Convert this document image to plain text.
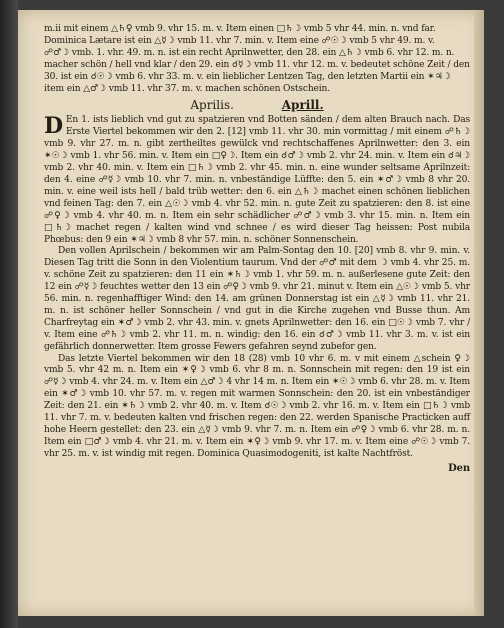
m.ii mit einem △♄♀ vmb 9. vhr 15. m. v. Item einen □♄☽ vmb 5 vhr 44. min. n. vnd far.

Dominica Lætare ist ein △☿☽ vmb 11. vhr 7. min. v. Item eine ☍☉☽ vmb 5 vhr 49. m. v.

☍♂☽ vmb. 1. vhr. 49. m. n. ist ein recht Aprilnwetter, den 28. ein △♄☽ vmb 6. vhr 12. m. n.

macher schön / hell vnd klar / den 29. ein ☌☿☽ vmb 11. vhr 12. m. v. bedeutet schöne Zeit / den

30. ist ein ☌☉☽ vmb 6. vhr 33. m. v. ein lieblicher Lentzen Tag, den letzten Martii ein ✶♃☽

item ein △♂☽ vmb 11. vhr 37. m. v. machen schönen Ostschein.

Aprilis.	Aprill.

D En 1. ists lieblich vnd gut zu spatzieren vnd Botten sänden / dem alten Brauch nach. Das Erste Viertel bekommen wir den 2. [12] vmb 11. vhr 30. min vormittag / mit einem ☍♄☽ vmb 9. vhr 27. m. n. gibt zertheiltes gewülck vnd rechtschaffenes Aprilnwetter: den 3. ein ✶☉☽ vmb 1. vhr 56. min. v. Item ein □♀☽. Item ein ☌♂☽ vmb 2. vhr 24. min. v. Item ein ☌♃☽ vmb 2. vhr 40. min. v. Item ein □♄☽ vmb 2. vhr 45. min. n. eine wunder seltsame Aprilnzeit: den 4. eine ☍☿☽ vmb 10. vhr 7. min. n. vnbeständige Lüffte: den 5. ein ✶♂☽ vmb 8 vhr 20. min. v. eine weil ists hell / bald trüb wetter: den 6. ein △♄☽ machet einen schönen lieblichen vnd feinen Tag: den 7. ein △☉☽ vmb 4. vhr 52. min. n. gute Zeit zu spatzieren: den 8. ist eine ☍♀☽ vmb 4. vhr 40. m. n. Item ein sehr schädlicher ☍♂☽ vmb 3. vhr 15. min. n. Item ein □♄☽ machet regen / kalten wind vnd schnee / es wird dieser Tag heissen: Post nubila Phœbus: den 9 ein ✶♃☽ vmb 8 vhr 57. min. n. schöner Sonnenschein.

Den vollen Aprilschein / bekommen wir am Palm-Sontag den 10. [20] vmb 8. vhr 9. min. v. Diesen Tag tritt die Sonn in den Violentium taurum. Vnd der ☍♂ mit dem ☽ vmb 4. vhr 25. m. v. schöne Zeit zu spatzieren: den 11 ein ✶♄☽ vmb 1. vhr 59. m. n. außerlesene gute Zeit: den 12 ein ☍☿☽ feuchtes wetter den 13 ein ☍♀☽ vmb 9. vhr 21. minut v. Item ein △☉☽ vmb 5. vhr 56. min. n. regenhafftiger Wind: den 14. am grünen Donnerstag ist ein △☿☽ vmb 11. vhr 21. m. n. ist schöner heller Sonnschein / vnd gut in die Kirche zugehen vnd Busse thun. Am Charfreytag ein ✶♂☽ vmb 2. vhr 43. min. v. gnets Aprilnwetter: den 16. ein □☉☽ vmb 7. vhr / v. Item eine ☍♄☽ vmb 2. vhr 11. m. n. windig: den 16. ein ☌♂☽ vmb 11. vhr 3. m. v. ist ein gefährlich donnerwetter. Item grosse Fewers gefahren seynd zubefor gen.

Das letzte Viertel bekommen wir den 18 (28) vmb 10 vhr 6. m. v mit einem △schein ♀☽ vmb 5. vhr 42 m. n. Item ein ✶♀☽ vmb 6. vhr 8 m. n. Sonnschein mit regen: den 19 ist ein ☍☿☽ vmb 4. vhr 24. m. v. Item ein △♂☽ 4 vhr 14 m. n. Item ein ✶☉☽ vmb 6. vhr 28. m. v. Item ein ✶♂☽ vmb 10. vhr 57. m. v. regen mit warmen Sonnschein: den 20. ist ein vnbeständiger Zeit: den 21. ein ✶♄☽ vmb 2. vhr 40. m. v. Item ☌☉☽ vmb 2. vhr 16. m. v. Item ein □♄☽ vmb 11. vhr 7. m. v. bedeuten kalten vnd frischen regen: den 22. werden Spanische Practicken auff hohe Heern gestellet: den 23. ein △☿☽ vmb 9. vhr 7. m. n. Item ein ☍♀☽ vmb 6. vhr 28. m. n. Item ein □♂☽ vmb 4. vhr 21. m. v. Item ein ✶♀☽ vmb 9. vhr 17. m. v. Item eine ☍☉☽ vmb 7. vhr 25. m. v. ist windig mit regen. Dominica Quasimodogeniti, ist kalte Nachtfröst.

Den
